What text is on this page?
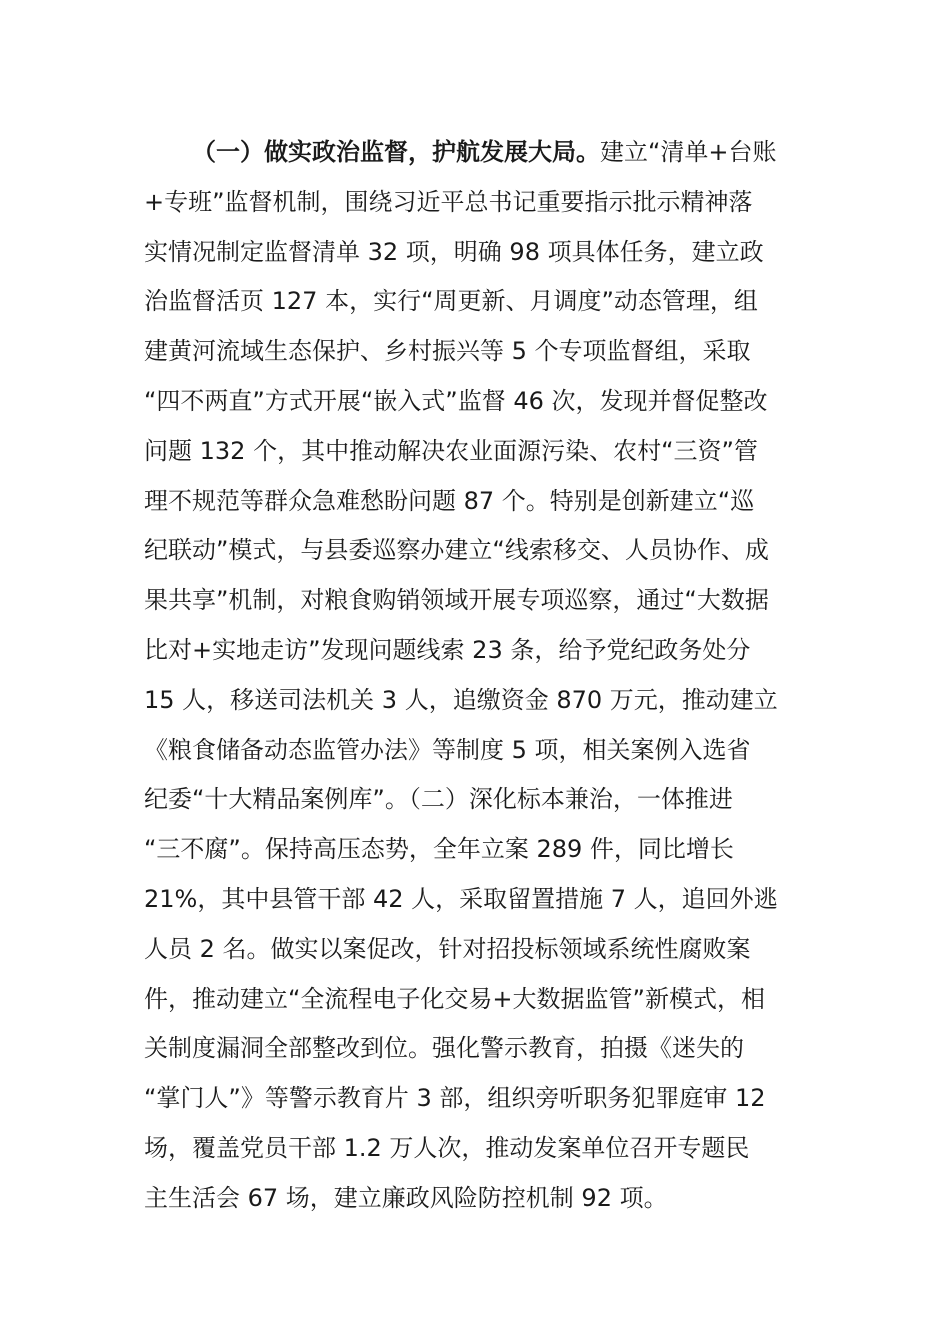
（一）做实政治监督，护航发展大局。建立“清单+台账
+专班”监督机制，围绕习近平总书记重要指示批示精神落
实情况制定监督清单 32 项，明确 98 项具体任务，建立政
治监督活页 127 本，实行“周更新、月调度”动态管理，组
建黄河流域生态保护、乡村振兴等 5 个专项监督组，采取
“四不两直”方式开展“嵌入式”监督 46 次，发现并督促整改
问题 132 个，其中推动解决农业面源污染、农村“三资”管
理不规范等群众急难愁盼问题 87 个。特别是创新建立“巡
纪联动”模式，与县委巡察办建立“线索移交、人员协作、成
果共享”机制，对粮食购销领域开展专项巡察，通过“大数据
比对+实地走访”发现问题线索 23 条，给予党纪政务处分
15 人，移送司法机关 3 人，追缴资金 870 万元，推动建立
《粮食储备动态监管办法》等制度 5 项，相关案例入选省
纪委“十大精品案例库”。（二）深化标本兼治，一体推进
“三不腐”。保持高压态势，全年立案 289 件，同比增长
21%，其中县管干部 42 人，采取留置措施 7 人，追回外逃
人员 2 名。做实以案促改，针对招投标领域系统性腐败案
件，推动建立“全流程电子化交易+大数据监管”新模式，相
关制度漏洞全部整改到位。强化警示教育，拍摄《迷失的
“掌门人”》等警示教育片 3 部，组织旁听职务犯罪庭审 12
场，覆盖党员干部 1.2 万人次，推动发案单位召开专题民
主生活会 67 场，建立廉政风险防控机制 92 项。
